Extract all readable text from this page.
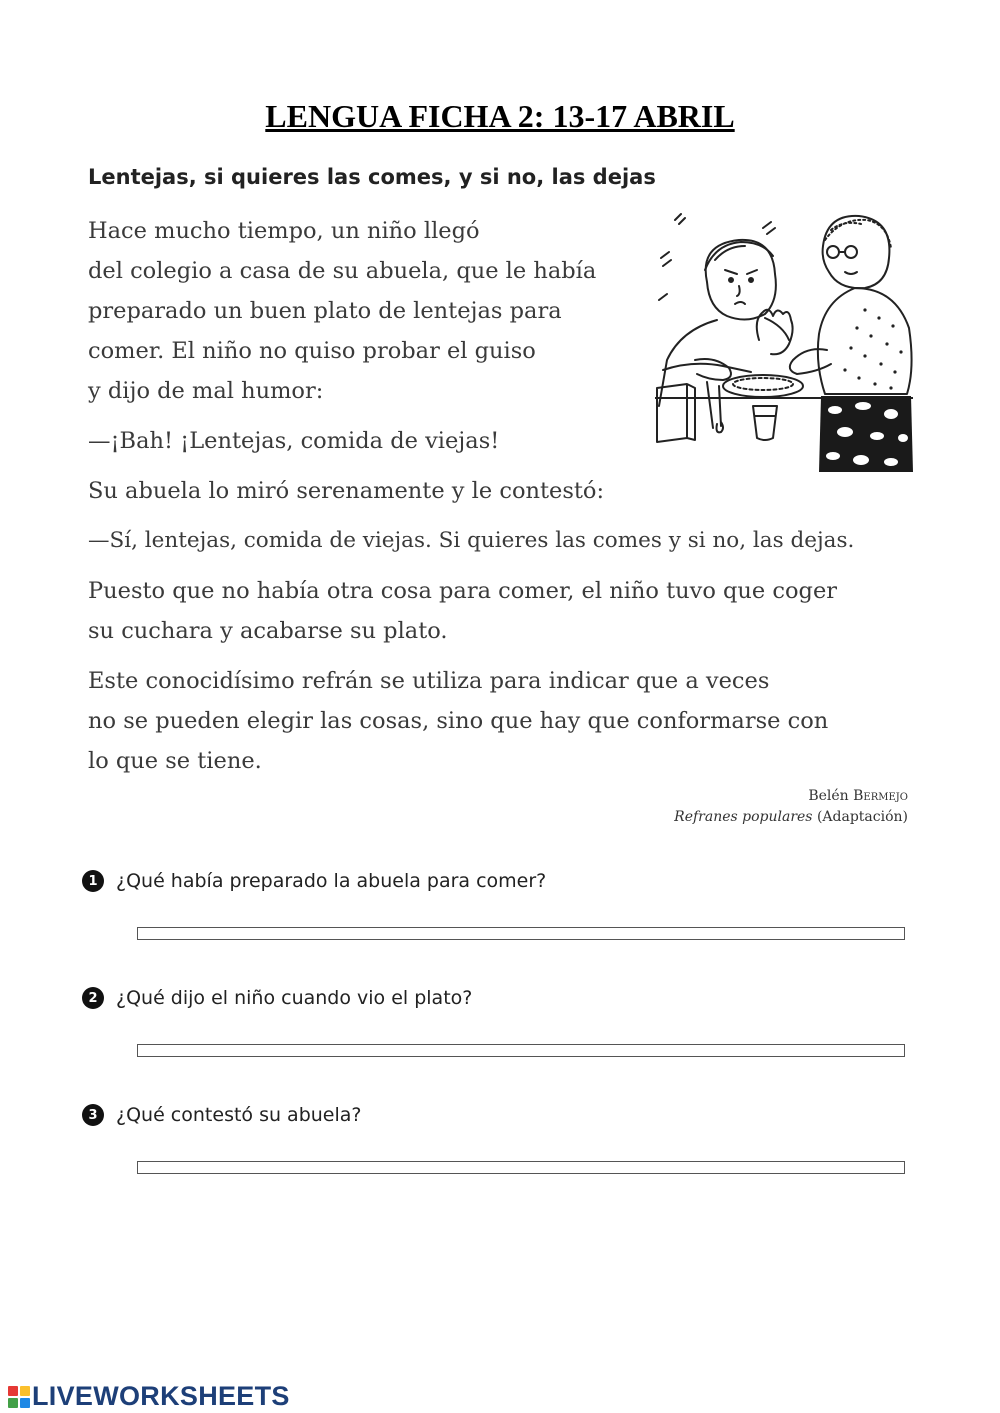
LENGUA FICHA 2: 13-17 ABRIL
Lentejas, si quieres las comes, y si no, las dejas

Hace mucho tiempo, un niño llegó
del colegio a casa de su abuela, que le había
preparado un buen plato de lentejas para
comer. El niño no quiso probar el guiso
y dijo de mal humor:

—¡Bah! ¡Lentejas, comida de viejas!

Su abuela lo miró serenamente y le contestó:

—Sí, lentejas, comida de viejas. Si quieres las comes y si no, las dejas.

Puesto que no había otra cosa para comer, el niño tuvo que coger
su cuchara y acabarse su plato.

Este conocidísimo refrán se utiliza para indicar que a veces
no se pueden elegir las cosas, sino que hay que conformarse con
lo que se tiene.

Belén Bermejo
Refranes populares (Adaptación)
1 ¿Qué había preparado la abuela para comer?
2 ¿Qué dijo el niño cuando vio el plato?
3 ¿Qué contestó su abuela?
LIVEWORKSHEETS
